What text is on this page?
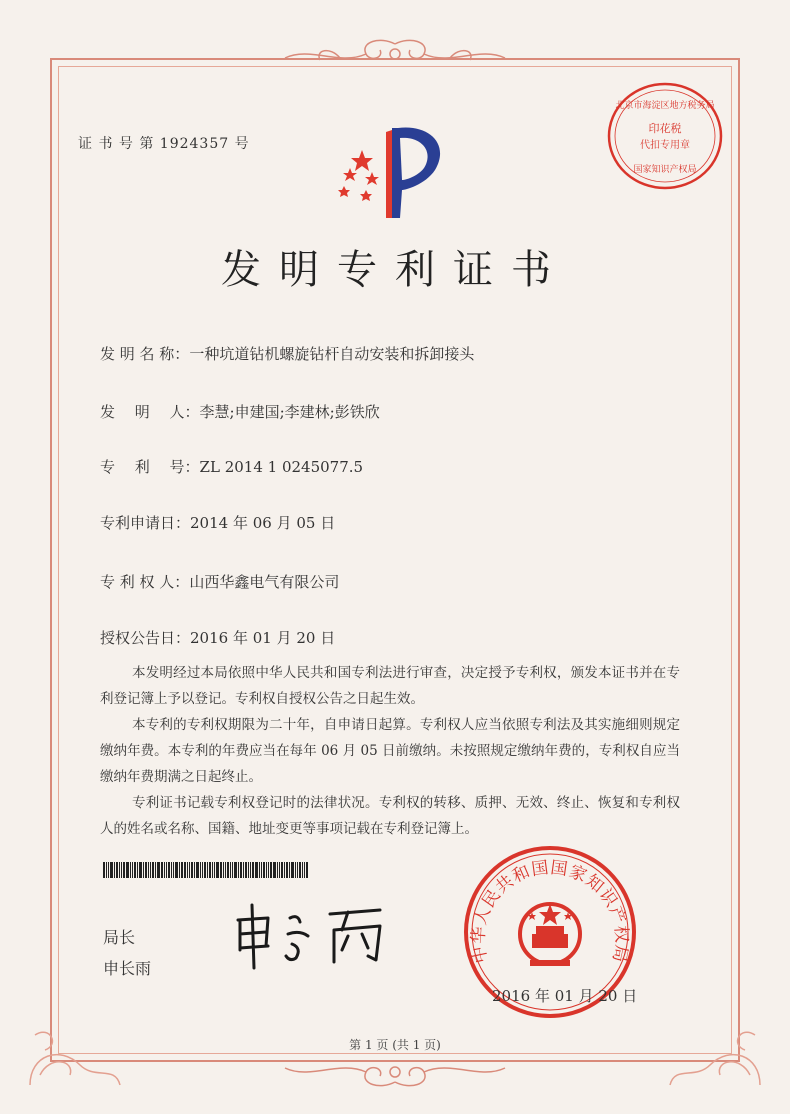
证 书 号 第 1924357 号
北京市海淀区地方税务局
印花税
代扣专用章
国家知识产权局
发明专利证书
发 明 名 称：一种坑道钻机螺旋钻杆自动安装和拆卸接头
发　 明 　人：李慧;申建国;李建林;彭铁欣
专　 利　 号：ZL 2014 1 0245077.5
专利申请日：2014 年 06 月 05 日
专 利 权 人：山西华鑫电气有限公司
授权公告日：2016 年 01 月 20 日

本发明经过本局依照中华人民共和国专利法进行审查，决定授予专利权，颁发本证书并在专利登记簿上予以登记。专利权自授权公告之日起生效。

本专利的专利权期限为二十年，自申请日起算。专利权人应当依照专利法及其实施细则规定缴纳年费。本专利的年费应当在每年 06 月 05 日前缴纳。未按照规定缴纳年费的，专利权自应当缴纳年费期满之日起终止。

专利证书记载专利权登记时的法律状况。专利权的转移、质押、无效、终止、恢复和专利权人的姓名或名称、国籍、地址变更等事项记载在专利登记簿上。

局长
申长雨
中华人民共和国国家知识产权局
2016 年 01 月 20 日
第 1 页 (共 1 页)
